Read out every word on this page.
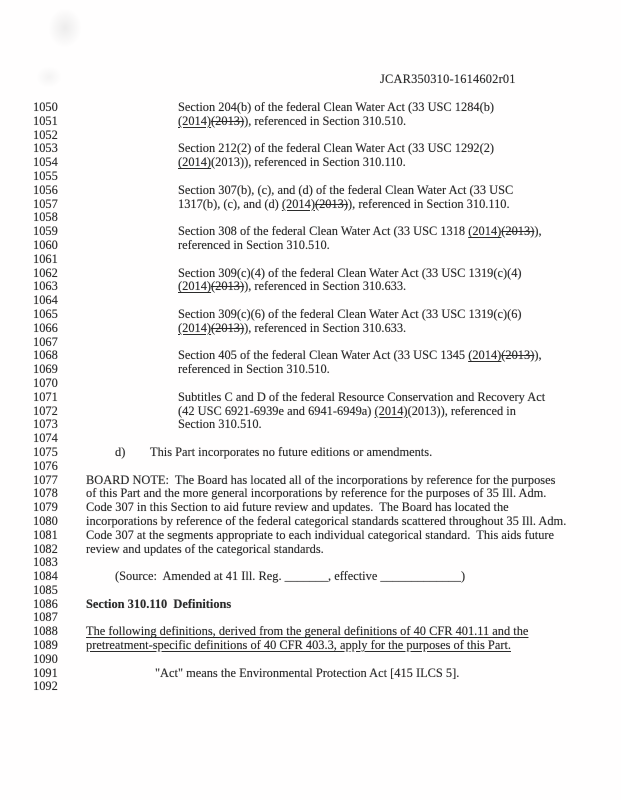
JCAR350310-1614602r01
1050	Section 204(b) of the federal Clean Water Act (33 USC 1284(b)
1051	(2014)(2013)), referenced in Section 310.510.
1052
1053	Section 212(2) of the federal Clean Water Act (33 USC 1292(2)
1054	(2014)(2013)), referenced in Section 310.110.
1055
1056	Section 307(b), (c), and (d) of the federal Clean Water Act (33 USC
1057	1317(b), (c), and (d) (2014)(2013)), referenced in Section 310.110.
1058
1059	Section 308 of the federal Clean Water Act (33 USC 1318 (2014)(2013)),
1060	referenced in Section 310.510.
1061
1062	Section 309(c)(4) of the federal Clean Water Act (33 USC 1319(c)(4)
1063	(2014)(2013)), referenced in Section 310.633.
1064
1065	Section 309(c)(6) of the federal Clean Water Act (33 USC 1319(c)(6)
1066	(2014)(2013)), referenced in Section 310.633.
1067
1068	Section 405 of the federal Clean Water Act (33 USC 1345 (2014)(2013)),
1069	referenced in Section 310.510.
1070
1071	Subtitles C and D of the federal Resource Conservation and Recovery Act
1072	(42 USC 6921-6939e and 6941-6949a) (2014)(2013)), referenced in
1073	Section 310.510.
1074
1075	d) This Part incorporates no future editions or amendments.
1076
1077 BOARD NOTE:  The Board has located all of the incorporations by reference for the purposes
1078 of this Part and the more general incorporations by reference for the purposes of 35 Ill. Adm.
1079 Code 307 in this Section to aid future review and updates.  The Board has located the
1080 incorporations by reference of the federal categorical standards scattered throughout 35 Ill. Adm.
1081 Code 307 at the segments appropriate to each individual categorical standard.  This aids future
1082 review and updates of the categorical standards.
1083
1084	(Source:  Amended at 41 Ill. Reg. _______, effective _____________)
1085
1086 Section 310.110  Definitions
1087
1088 The following definitions, derived from the general definitions of 40 CFR 401.11 and the
1089 pretreatment-specific definitions of 40 CFR 403.3, apply for the purposes of this Part.
1090
1091	"Act" means the Environmental Protection Act [415 ILCS 5].
1092
